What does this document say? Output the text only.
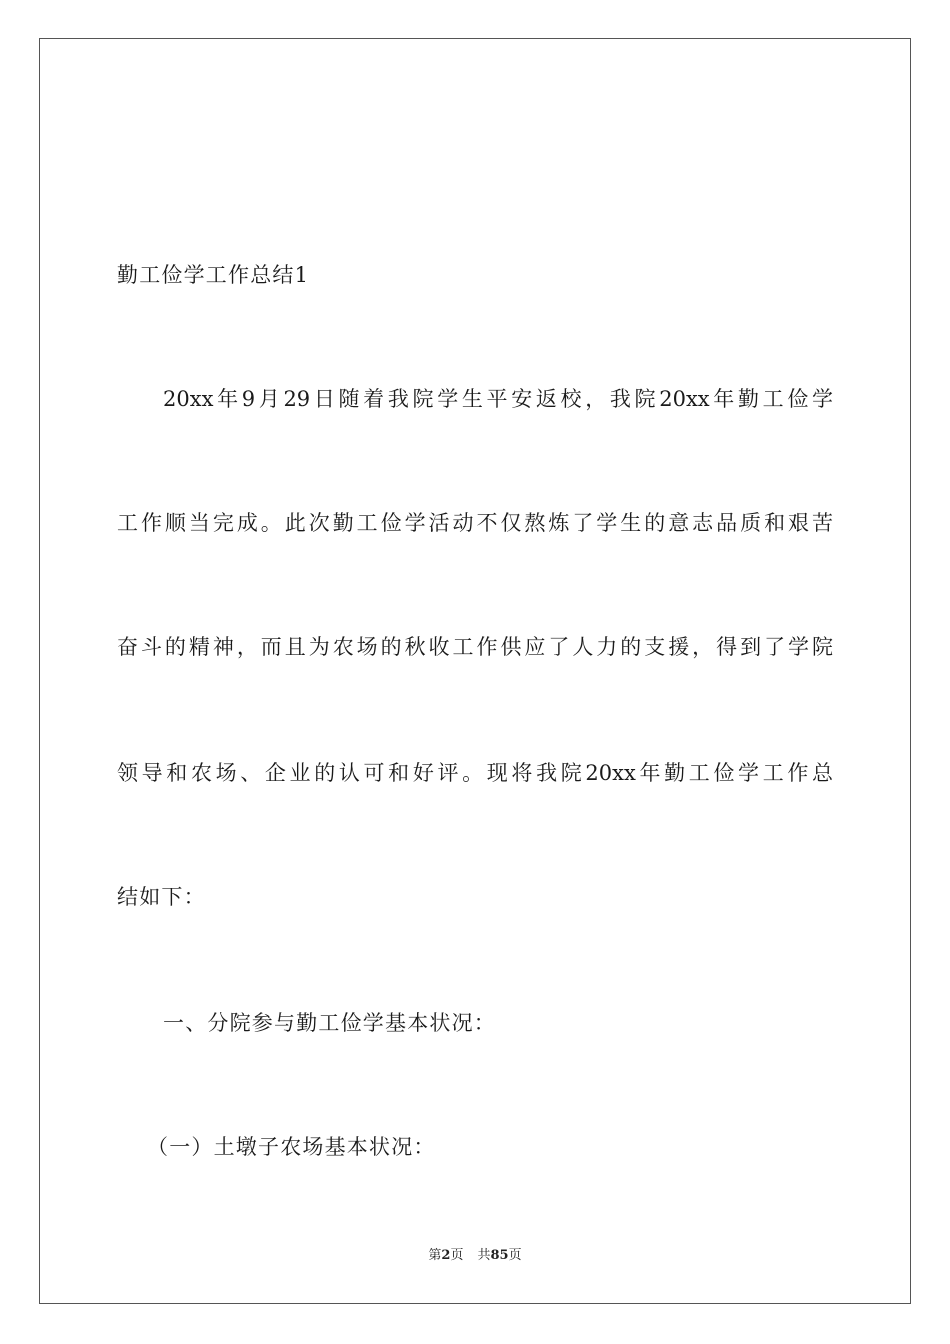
勤工俭学工作总结1
20xx年9月29日随着我院学生平安返校，我院20xx年勤工俭学
工作顺当完成。此次勤工俭学活动不仅熬炼了学生的意志品质和艰苦
奋斗的精神，而且为农场的秋收工作供应了人力的支援，得到了学院
领导和农场、企业的认可和好评。现将我院20xx年勤工俭学工作总
结如下：
一、分院参与勤工俭学基本状况：
（一）土墩子农场基本状况：
第2页 共85页
